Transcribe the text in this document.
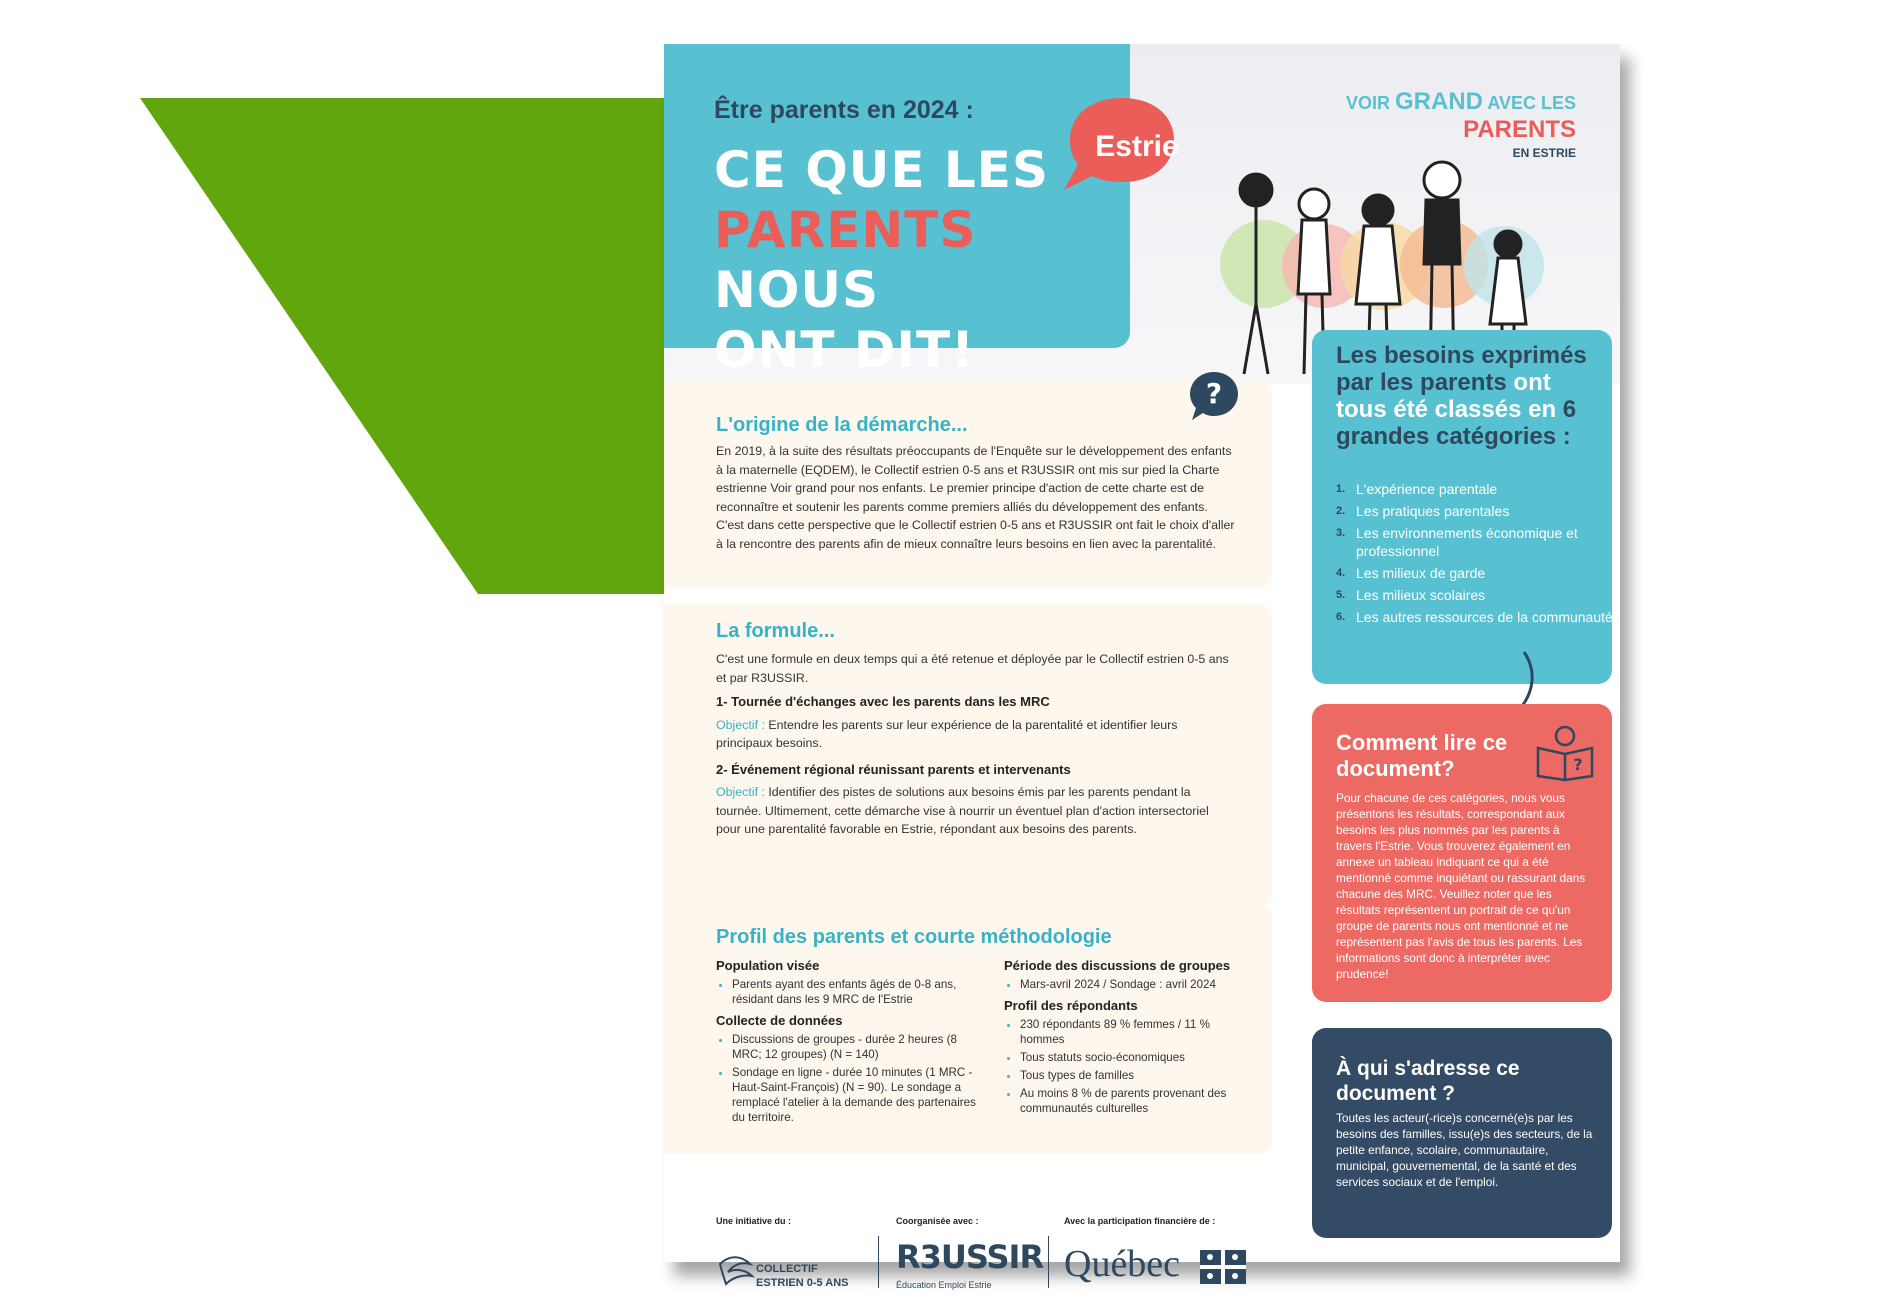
Être parents en 2024 :
CE QUE LES
PARENTS NOUS
ONT DIT!
Estrie
VOIR GRAND AVEC LES PARENTS
EN ESTRIE
L'origine de la démarche...
En 2019, à la suite des résultats préoccupants de l'Enquête sur le développement des enfants à la maternelle (EQDEM), le Collectif estrien 0-5 ans et R3USSIR ont mis sur pied la Charte estrienne Voir grand pour nos enfants. Le premier principe d'action de cette charte est de reconnaître et soutenir les parents comme premiers alliés du développement des enfants. C'est dans cette perspective que le Collectif estrien 0-5 ans et R3USSIR ont fait le choix d'aller à la rencontre des parents afin de mieux connaître leurs besoins en lien avec la parentalité.
?
La formule...
C'est une formule en deux temps qui a été retenue et déployée par le Collectif estrien 0-5 ans et par R3USSIR.
1- Tournée d'échanges avec les parents dans les MRC
Objectif : Entendre les parents sur leur expérience de la parentalité et identifier leurs principaux besoins.
2- Événement régional réunissant parents et intervenants
Objectif : Identifier des pistes de solutions aux besoins émis par les parents pendant la tournée. Ultimement, cette démarche vise à nourrir un éventuel plan d'action intersectoriel pour une parentalité favorable en Estrie, répondant aux besoins des parents.
Profil des parents et courte méthodologie
Population visée
• Parents ayant des enfants âgés de 0-8 ans, résidant dans les 9 MRC de l'Estrie
Collecte de données
• Discussions de groupes - durée 2 heures (8 MRC; 12 groupes) (N = 140)
• Sondage en ligne - durée 10 minutes (1 MRC - Haut-Saint-François) (N = 90). Le sondage a remplacé l'atelier à la demande des partenaires du territoire.
Période des discussions de groupes
• Mars-avril 2024 / Sondage : avril 2024
Profil des répondants
• 230 répondants 89 % femmes / 11 % hommes
• Tous statuts socio-économiques
• Tous types de familles
• Au moins 8 % de parents provenant des communautés culturelles
Les besoins exprimés par les parents ont tous été classés en 6 grandes catégories :
L'expérience parentale
Les pratiques parentales
Les environnements économique et professionnel
Les milieux de garde
Les milieux scolaires
Les autres ressources de la communauté
Comment lire ce document?	?
Pour chacune de ces catégories, nous vous présentons les résultats, correspondant aux besoins les plus nommés par les parents à travers l'Estrie. Vous trouverez également en annexe un tableau indiquant ce qui a été mentionné comme inquiétant ou rassurant dans chacune des MRC. Veuillez noter que les résultats représentent un portrait de ce qu'un groupe de parents nous ont mentionné et ne représentent pas l'avis de tous les parents. Les informations sont donc à interpréter avec prudence!
À qui s'adresse ce document ?
Toutes les acteur(-rice)s concerné(e)s par les besoins des familles, issu(e)s des secteurs, de la petite enfance, scolaire, communautaire, municipal, gouvernemental, de la santé et des services sociaux et de l'emploi.
Une initiative du :	Coorganisée avec :	Avec la participation financière de :
COLLECTIF
ESTRIEN 0-5 ANS
R3USSIR
Éducation Emploi Estrie Québec
